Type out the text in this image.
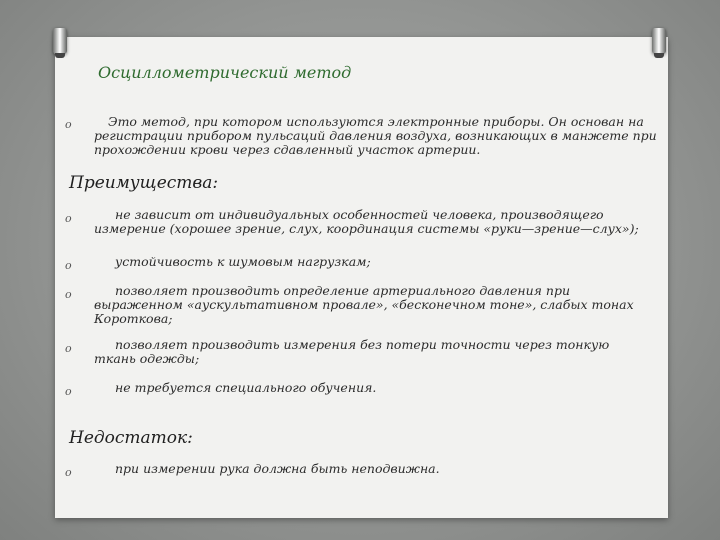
Осциллометрический метод
o	Это метод, при котором используются электронные приборы. Он основан на регистрации прибором пульсаций давления воздуха, возникающих в манжете при прохождении крови через сдавленный участок артерии.
Преимущества:
o	не зависит от индивидуальных особенностей человека, производящего измерение (хорошее зрение, слух, координация системы «руки—зрение—слух»);
o	устойчивость к шумовым нагрузкам;
o	позволяет производить определение артериального давления при выраженном «аускультативном провале», «бесконечном тоне», слабых тонах Короткова;
o	позволяет производить измерения без потери точности через тонкую ткань одежды;
o	не требуется специального обучения.
Недостаток:
o	при измерении рука должна быть неподвижна.
